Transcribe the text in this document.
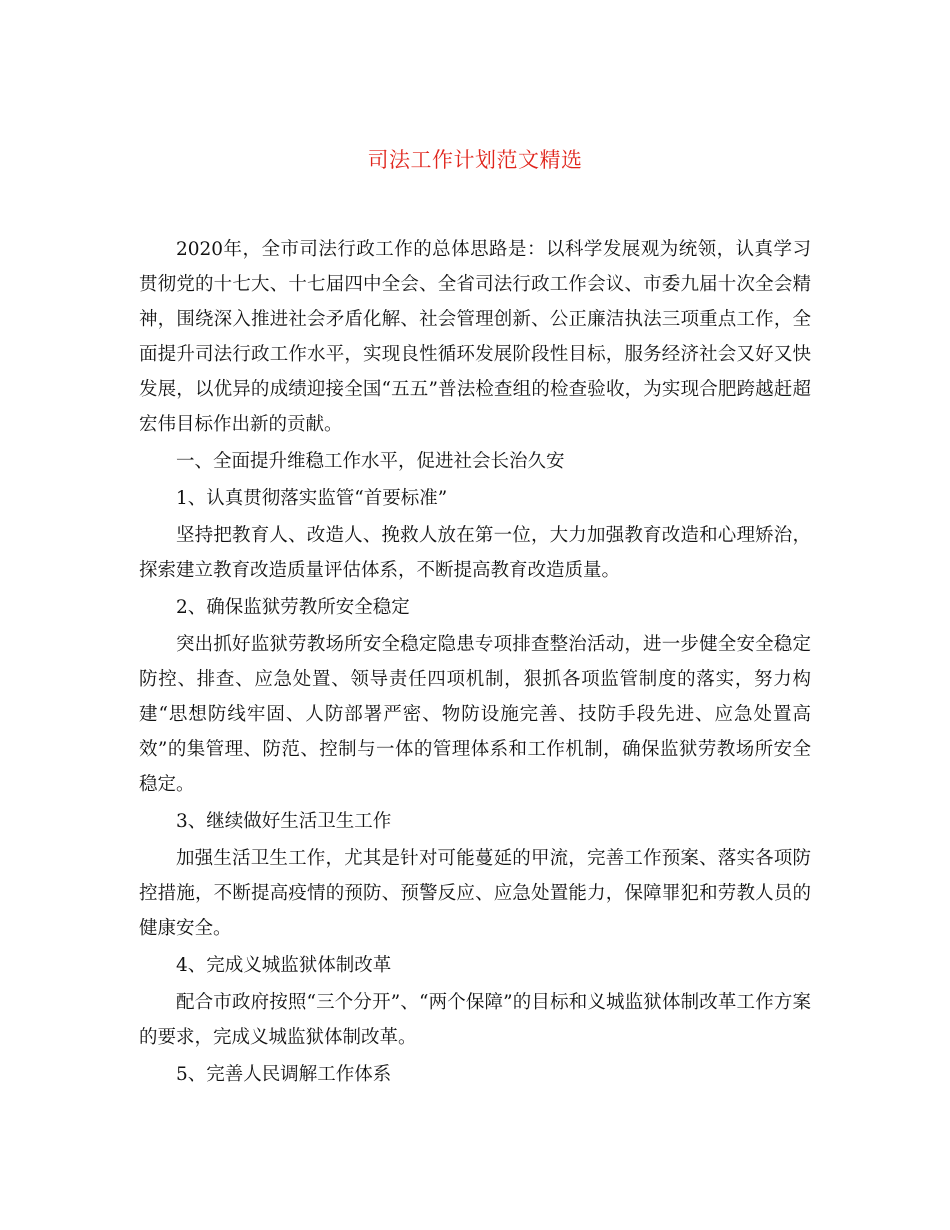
司法工作计划范文精选

2020年，全市司法行政工作的总体思路是：以科学发展观为统领，认真学习贯彻党的十七大、十七届四中全会、全省司法行政工作会议、市委九届十次全会精神，围绕深入推进社会矛盾化解、社会管理创新、公正廉洁执法三项重点工作，全面提升司法行政工作水平，实现良性循环发展阶段性目标，服务经济社会又好又快发展，以优异的成绩迎接全国“五五”普法检查组的检查验收，为实现合肥跨越赶超宏伟目标作出新的贡献。

一、全面提升维稳工作水平，促进社会长治久安

1、认真贯彻落实监管“首要标准”

坚持把教育人、改造人、挽救人放在第一位，大力加强教育改造和心理矫治，探索建立教育改造质量评估体系，不断提高教育改造质量。

2、确保监狱劳教所安全稳定

突出抓好监狱劳教场所安全稳定隐患专项排查整治活动，进一步健全安全稳定防控、排查、应急处置、领导责任四项机制，狠抓各项监管制度的落实，努力构建“思想防线牢固、人防部署严密、物防设施完善、技防手段先进、应急处置高效”的集管理、防范、控制与一体的管理体系和工作机制，确保监狱劳教场所安全稳定。

3、继续做好生活卫生工作

加强生活卫生工作，尤其是针对可能蔓延的甲流，完善工作预案、落实各项防控措施，不断提高疫情的预防、预警反应、应急处置能力，保障罪犯和劳教人员的健康安全。

4、完成义城监狱体制改革

配合市政府按照“三个分开”、“两个保障”的目标和义城监狱体制改革工作方案的要求，完成义城监狱体制改革。

5、完善人民调解工作体系
